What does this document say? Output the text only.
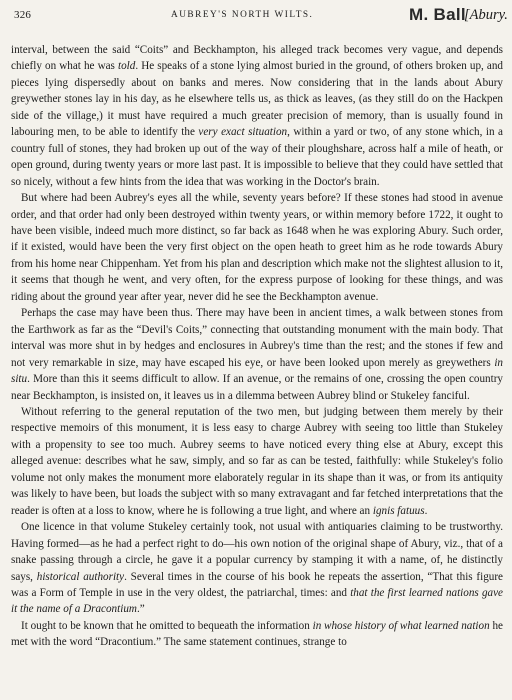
326	AUBREY'S NORTH WILTS.	M. Ball
[Abury.

interval, between the said “Coits” and Beckhampton, his alleged track becomes very vague, and depends chiefly on what he was told. He speaks of a stone lying almost buried in the ground, of others broken up, and pieces lying dispersedly about on banks and meres. Now considering that in the lands about Abury greywether stones lay in his day, as he elsewhere tells us, as thick as leaves, (as they still do on the Hackpen side of the village,) it must have required a much greater precision of memory, than is usually found in labouring men, to be able to identify the very exact situation, within a yard or two, of any stone which, in a country full of stones, they had broken up out of the way of their ploughshare, across half a mile of heath, or open ground, during twenty years or more last past. It is impossible to believe that they could have settled that so nicely, without a few hints from the idea that was working in the Doctor's brain.

But where had been Aubrey's eyes all the while, seventy years before? If these stones had stood in avenue order, and that order had only been destroyed within twenty years, or within memory before 1722, it ought to have been visible, indeed much more distinct, so far back as 1648 when he was exploring Abury. Such order, if it existed, would have been the very first object on the open heath to greet him as he rode towards Abury from his home near Chippenham. Yet from his plan and description which make not the slightest allusion to it, it seems that though he went, and very often, for the express purpose of looking for these things, and was riding about the ground year after year, never did he see the Beckhampton avenue.

Perhaps the case may have been thus. There may have been in ancient times, a walk between stones from the Earthwork as far as the “Devil's Coits,” connecting that outstanding monument with the main body. That interval was more shut in by hedges and enclosures in Aubrey's time than the rest; and the stones if few and not very remarkable in size, may have escaped his eye, or have been looked upon merely as greywethers in situ. More than this it seems difficult to allow. If an avenue, or the remains of one, crossing the open country near Beckhampton, is insisted on, it leaves us in a dilemma between Aubrey blind or Stukeley fanciful.

Without referring to the general reputation of the two men, but judging between them merely by their respective memoirs of this monument, it is less easy to charge Aubrey with seeing too little than Stukeley with a propensity to see too much. Aubrey seems to have noticed every thing else at Abury, except this alleged avenue: describes what he saw, simply, and so far as can be tested, faithfully: while Stukeley's folio volume not only makes the monument more elaborately regular in its shape than it was, or from its antiquity was likely to have been, but loads the subject with so many extravagant and far fetched interpretations that the reader is often at a loss to know, where he is following a true light, and where an ignis fatuus.

One licence in that volume Stukeley certainly took, not usual with antiquaries claiming to be trustworthy. Having formed—as he had a perfect right to do—his own notion of the original shape of Abury, viz., that of a snake passing through a circle, he gave it a popular currency by stamping it with a name, of, he distinctly says, historical authority. Several times in the course of his book he repeats the assertion, “That this figure was a Form of Temple in use in the very oldest, the patriarchal, times: and that the first learned nations gave it the name of a Dracontium.”

It ought to be known that he omitted to bequeath the information in whose history of what learned nation he met with the word “Dracontium.” The same statement continues, strange to
